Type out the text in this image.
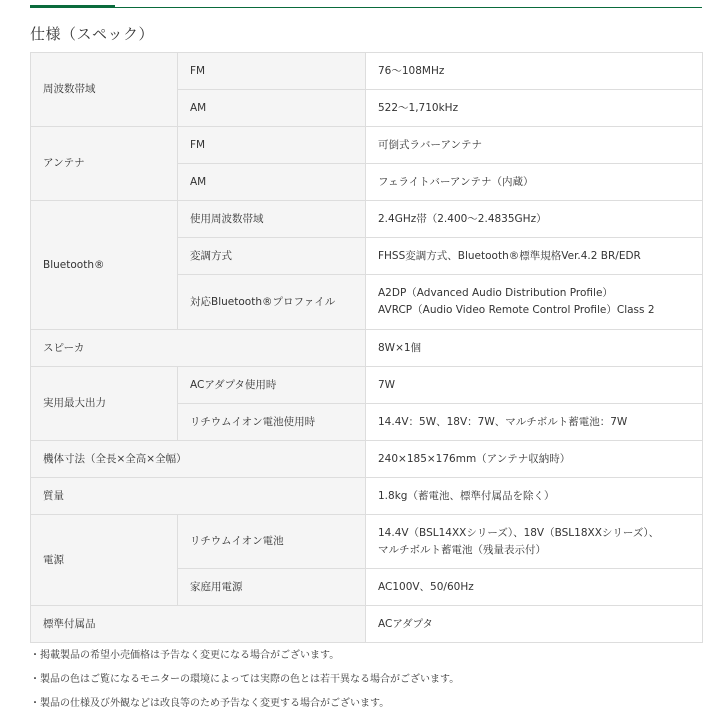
仕様（スペック）
周波数帯域	FM	76～108MHz
	AM	522～1,710kHz
アンテナ	FM	可倒式ラバーアンテナ
	AM	フェライトバーアンテナ（内蔵）
Bluetooth®	使用周波数帯域	2.4GHz帯（2.400～2.4835GHz）
	変調方式	FHSS変調方式、Bluetooth®標準規格Ver.4.2 BR/EDR
	対応Bluetooth®プロファイル	A2DP（Advanced Audio Distribution Profile）
AVRCP（Audio Video Remote Control Profile）Class 2
スピーカ		8W×1個
実用最大出力	ACアダプタ使用時	7W
	リチウムイオン電池使用時	14.4V：5W、18V：7W、マルチボルト蓄電池：7W
機体寸法（全長×全高×全幅）		240×185×176mm（アンテナ収納時）
質量		1.8kg（蓄電池、標準付属品を除く）
電源	リチウムイオン電池	14.4V（BSL14XXシリーズ）、18V（BSL18XXシリーズ）、
マルチボルト蓄電池（残量表示付）
	家庭用電源	AC100V、50/60Hz
標準付属品		ACアダプタ
・掲載製品の希望小売価格は予告なく変更になる場合がございます。
・製品の色はご覧になるモニターの環境によっては実際の色とは若干異なる場合がございます。
・製品の仕様及び外観などは改良等のため予告なく変更する場合がございます。
